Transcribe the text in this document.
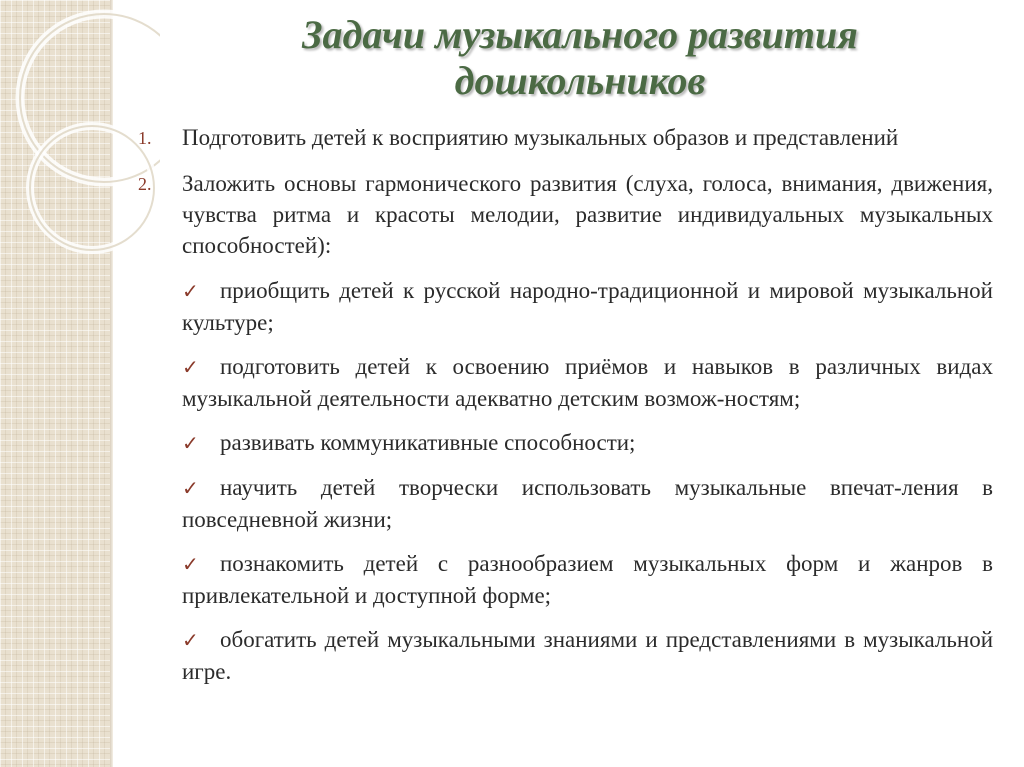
Задачи музыкального развития дошкольников
1.	Подготовить детей к восприятию музыкальных образов и представлений
2.	Заложить основы гармонического развития (слуха, голоса, внимания, движения, чувства ритма и красоты мелодии, развитие индивидуальных музыкальных способностей):
✓ приобщить детей к русской народно-традиционной и мировой музыкальной культуре;
✓ подготовить детей к освоению приёмов и навыков в различных видах музыкальной деятельности адекватно детским возмож-ностям;
✓ развивать коммуникативные способности;
✓ научить детей творчески использовать музыкальные впечат-ления в повседневной жизни;
✓ познакомить детей с разнообразием музыкальных форм и жанров в привлекательной и доступной форме;
✓ обогатить детей музыкальными знаниями и представлениями в музыкальной игре.
